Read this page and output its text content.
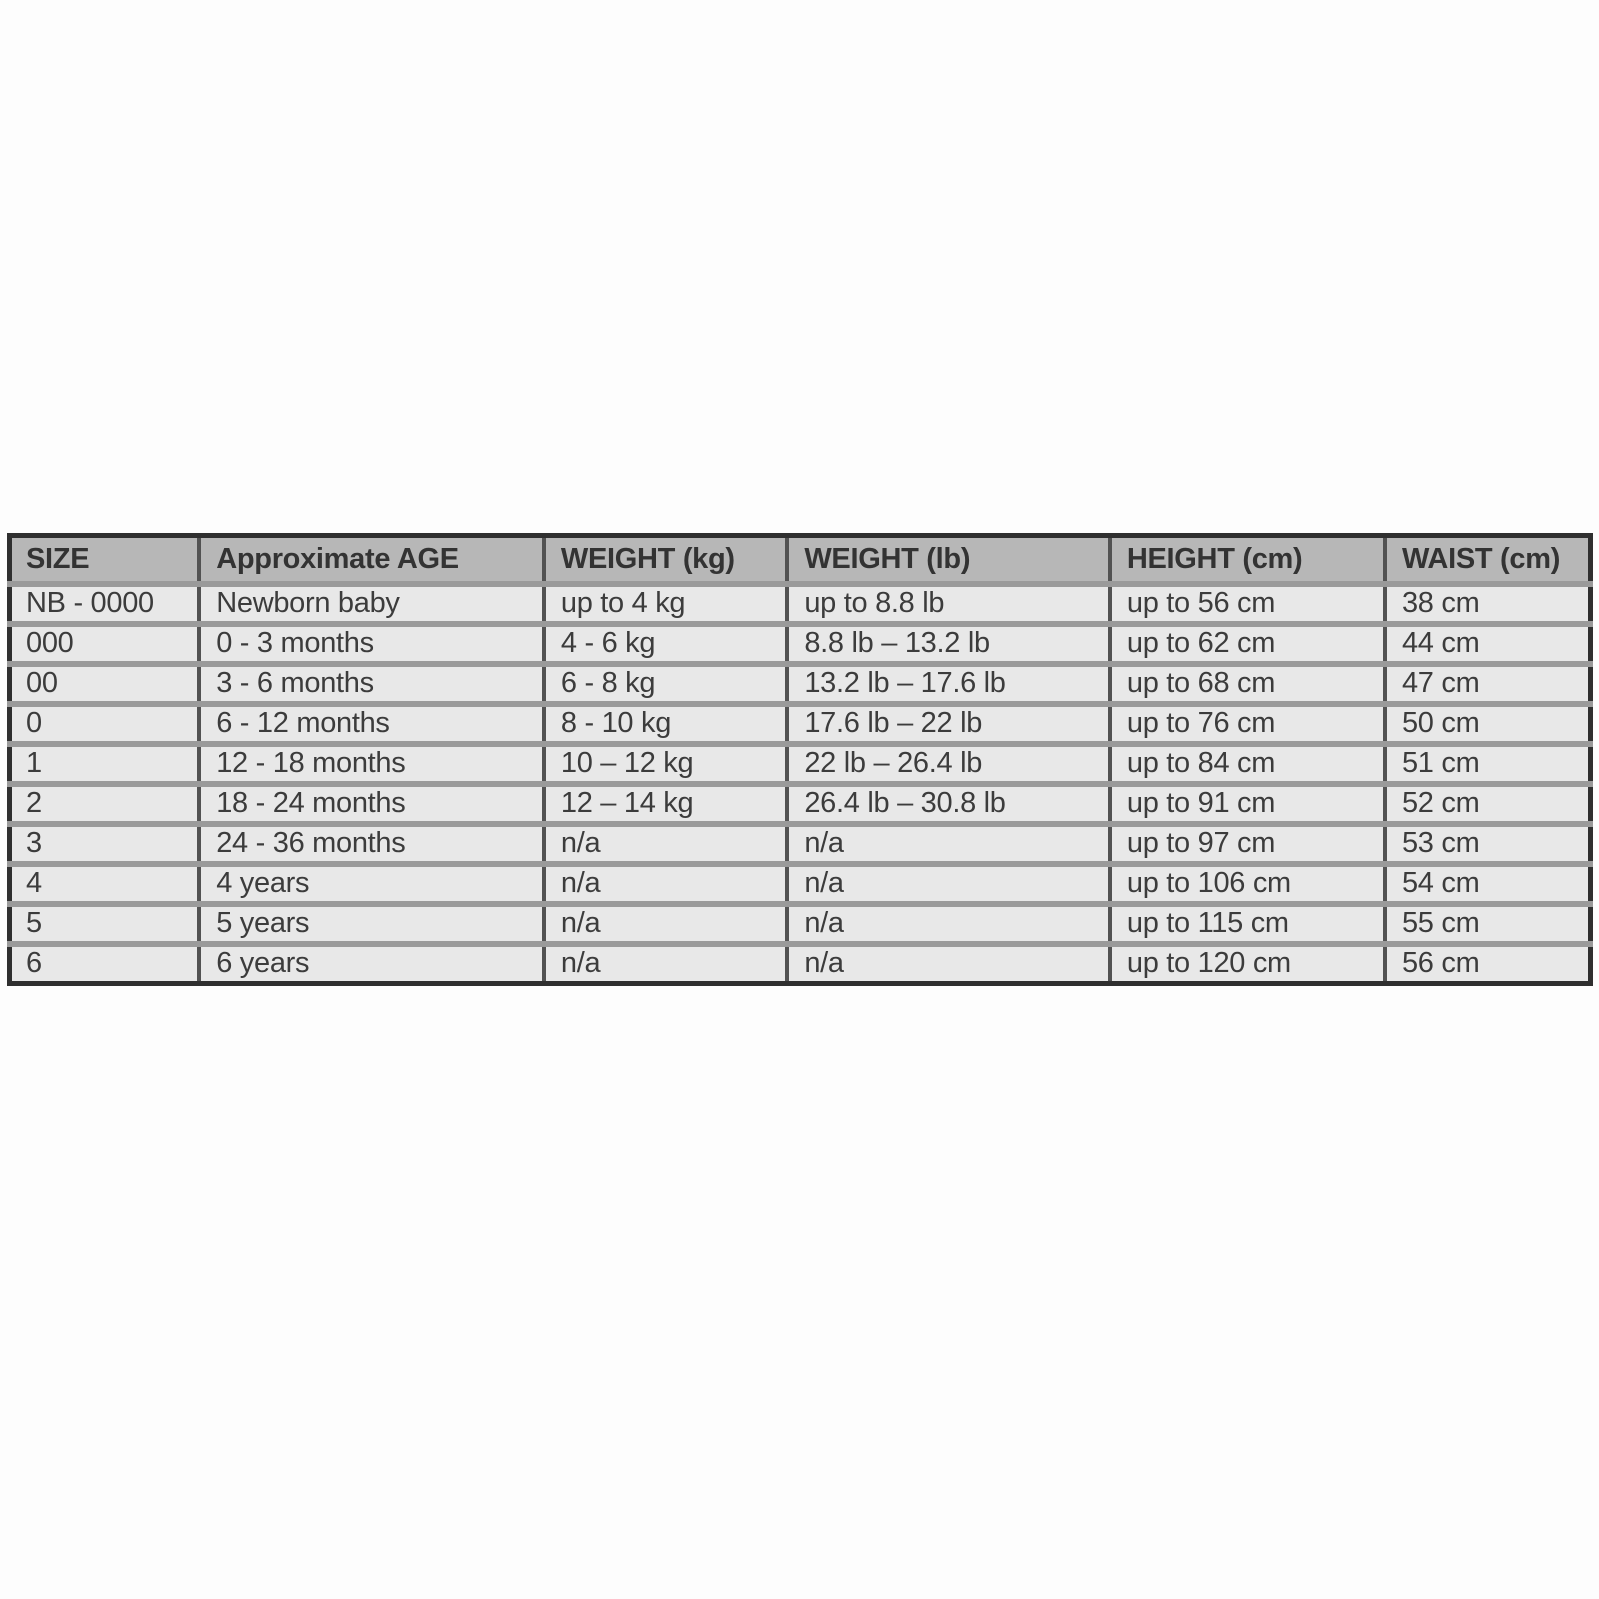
SIZE	Approximate AGE	WEIGHT (kg)	WEIGHT (lb)	HEIGHT (cm)	WAIST (cm)
NB - 0000	Newborn baby	up to 4 kg	up to 8.8 lb	up to 56 cm	38 cm
000	0 - 3 months	4 - 6 kg	8.8 lb – 13.2 lb	up to 62 cm	44 cm
00	3 - 6 months	6 - 8 kg	13.2 lb – 17.6 lb	up to 68 cm	47 cm
0	6 - 12 months	8 - 10 kg	17.6 lb – 22 lb	up to 76 cm	50 cm
1	12 - 18 months	10 – 12 kg	22 lb – 26.4 lb	up to 84 cm	51 cm
2	18 - 24 months	12 – 14 kg	26.4 lb – 30.8 lb	up to 91 cm	52 cm
3	24 - 36 months	n/a	n/a	up to 97 cm	53 cm
4	4 years	n/a	n/a	up to 106 cm	54 cm
5	5 years	n/a	n/a	up to 115 cm	55 cm
6	6 years	n/a	n/a	up to 120 cm	56 cm
